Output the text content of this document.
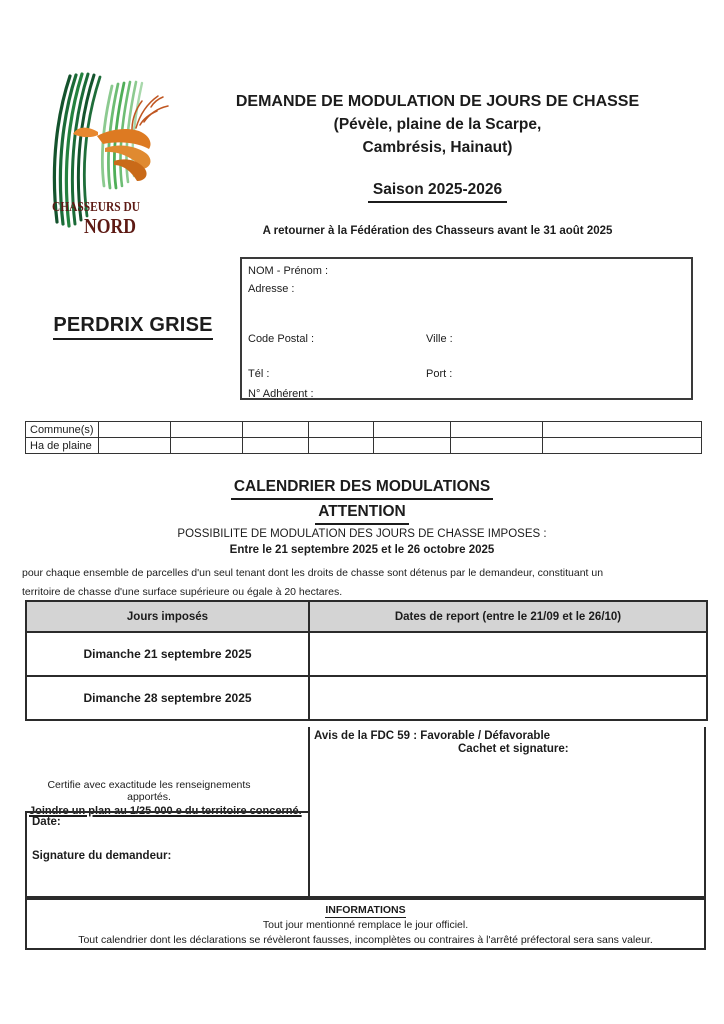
CHASSEURS DU
NORD
DEMANDE DE MODULATION DE JOURS DE CHASSE
(Pévèle, plaine de la Scarpe,
Cambrésis, Hainaut)
Saison 2025-2026
A retourner à la Fédération des Chasseurs avant le 31 août 2025
PERDRIX GRISE
NOM - Prénom :
Adresse :
Code Postal :	Ville :
Tél :	Port :
N° Adhérent :
Commune(s)							
Ha de plaine							
CALENDRIER DES MODULATIONS
ATTENTION
POSSIBILITE DE MODULATION DES JOURS DE CHASSE IMPOSES :
Entre le 21 septembre 2025 et le 26 octobre 2025
pour chaque ensemble de parcelles d'un seul tenant dont les droits de chasse sont détenus par le demandeur, constituant un
territoire de chasse d'une surface supérieure ou égale à 20 hectares.
Jours imposés	Dates de report (entre le 21/09 et le 26/10)
Dimanche 21 septembre 2025	
Dimanche 28 septembre 2025	
Certifie avec exactitude les renseignements apportés.
Joindre un plan au 1/25 000 e du territoire concerné.
Date:
Signature du demandeur:
Avis de la FDC 59 : Favorable / Défavorable
Cachet et signature:
INFORMATIONS
Tout jour mentionné remplace le jour officiel.
Tout calendrier dont les déclarations se révèleront fausses, incomplètes ou contraires à l'arrêté préfectoral sera sans valeur.
